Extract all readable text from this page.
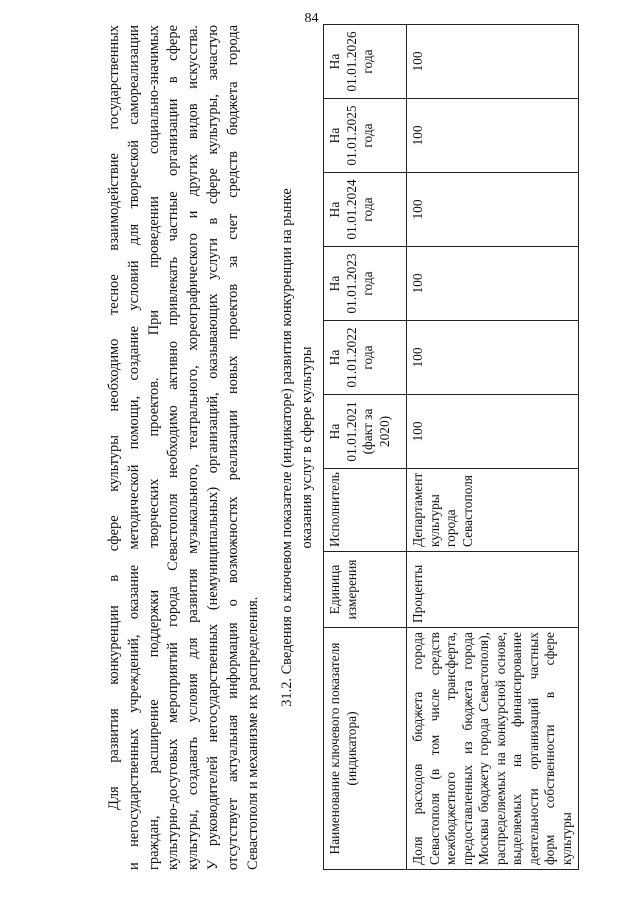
84

Для развития конкуренции в сфере культуры необходимо тесное взаимодействие государственных и негосударственных учреждений, оказание методической помощи, создание условий для творческой самореализации граждан, расширение поддержки творческих проектов. При проведении социально-значимых культурно-досуговых мероприятий города Севастополя необходимо активно привлекать частные организации в сфере культуры, создавать условия для развития музыкального, театрального, хореографического и других видов искусства. У руководителей негосударственных (немуниципальных) организаций, оказывающих услуги в сфере культуры, зачастую отсутствует актуальная информация о возможностях реализации новых проектов за счет средств бюджета города Севастополя и механизме их распределения.

31.2. Сведения о ключевом показателе (индикаторе) развития конкуренции на рынке оказания услуг в сфере культуры

Наименование ключевого показателя (индикатора)	Единица измерения	Исполнитель	На 01.01.2021 (факт за 2020)	На 01.01.2022 года	На 01.01.2023 года	На 01.01.2024 года	На 01.01.2025 года	На 01.01.2026 года
Доля расходов бюджета города Севастополя (в том числе средств межбюджетного трансферта, предоставленных из бюджета города Москвы бюджету города Севастополя), распределяемых на конкурсной основе, выделяемых на финансирование деятельности организаций частных форм собственности в сфере культуры	Проценты	Департамент культуры города Севастополя	100	100	100	100	100	100
